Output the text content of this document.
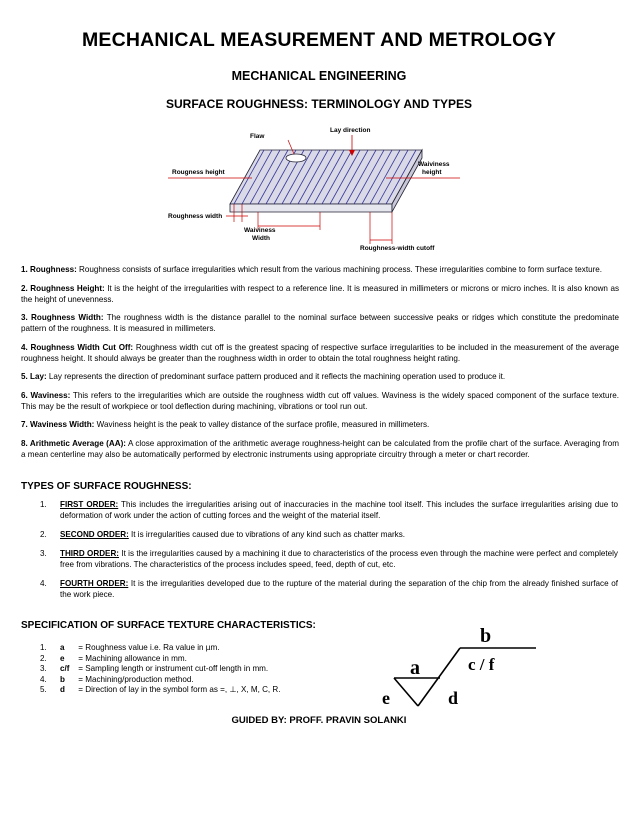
MECHANICAL MEASUREMENT AND METROLOGY
MECHANICAL ENGINEERING
SURFACE ROUGHNESS: TERMINOLOGY AND TYPES
Flaw
Lay direction
Rougness height
Waiviness
height
Roughness width
Waiviness
Width
Roughness-width cutoff

1. Roughness: Roughness consists of surface irregularities which result from the various machining process. These irregularities combine to form surface texture.

2. Roughness Height: It is the height of the irregularities with respect to a reference line. It is measured in millimeters or microns or micro inches. It is also known as the height of unevenness.

3. Roughness Width: The roughness width is the distance parallel to the nominal surface between successive peaks or ridges which constitute the predominate pattern of the roughness. It is measured in millimeters.

4. Roughness Width Cut Off: Roughness width cut off is the greatest spacing of respective surface irregularities to be included in the measurement of the average roughness height. It should always be greater than the roughness width in order to obtain the total roughness height rating.

5. Lay: Lay represents the direction of predominant surface pattern produced and it reflects the machining operation used to produce it.

6. Waviness: This refers to the irregularities which are outside the roughness width cut off values. Waviness is the widely spaced component of the surface texture. This may be the result of workpiece or tool deflection during machining, vibrations or tool run out.

7. Waviness Width: Waviness height is the peak to valley distance of the surface profile, measured in millimeters.

8. Arithmetic Average (AA): A close approximation of the arithmetic average roughness-height can be calculated from the profile chart of the surface. Averaging from a mean centerline may also be automatically performed by electronic instruments using appropriate circuitry through a meter or chart recorder.

TYPES OF SURFACE ROUGHNESS:
1. FIRST ORDER: This includes the irregularities arising out of inaccuracies in the machine tool itself. This includes the surface irregularities arising due to deformation of work under the action of cutting forces and the weight of the material itself.
2. SECOND ORDER: It is irregularities caused due to vibrations of any kind such as chatter marks.
3. THIRD ORDER: It is the irregularities caused by a machining it due to characteristics of the process even through the machine were perfect and completely free from vibrations. The characteristics of the process includes speed, feed, depth of cut, etc.
4. FOURTH ORDER: It is the irregularities developed due to the rupture of the material during the separation of the chip from the already finished surface of the work piece.
SPECIFICATION OF SURFACE TEXTURE CHARACTERISTICS:
1. a = Roughness value i.e. Ra value in µm.
2. e = Machining allowance in mm.
3. c/f = Sampling length or instrument cut-off length in mm.
4. b = Machining/production method.
5. d = Direction of lay in the symbol form as =, ⊥, X, M, C, R.
b
a	c / f
e	d
GUIDED BY: PROFF. PRAVIN SOLANKI
